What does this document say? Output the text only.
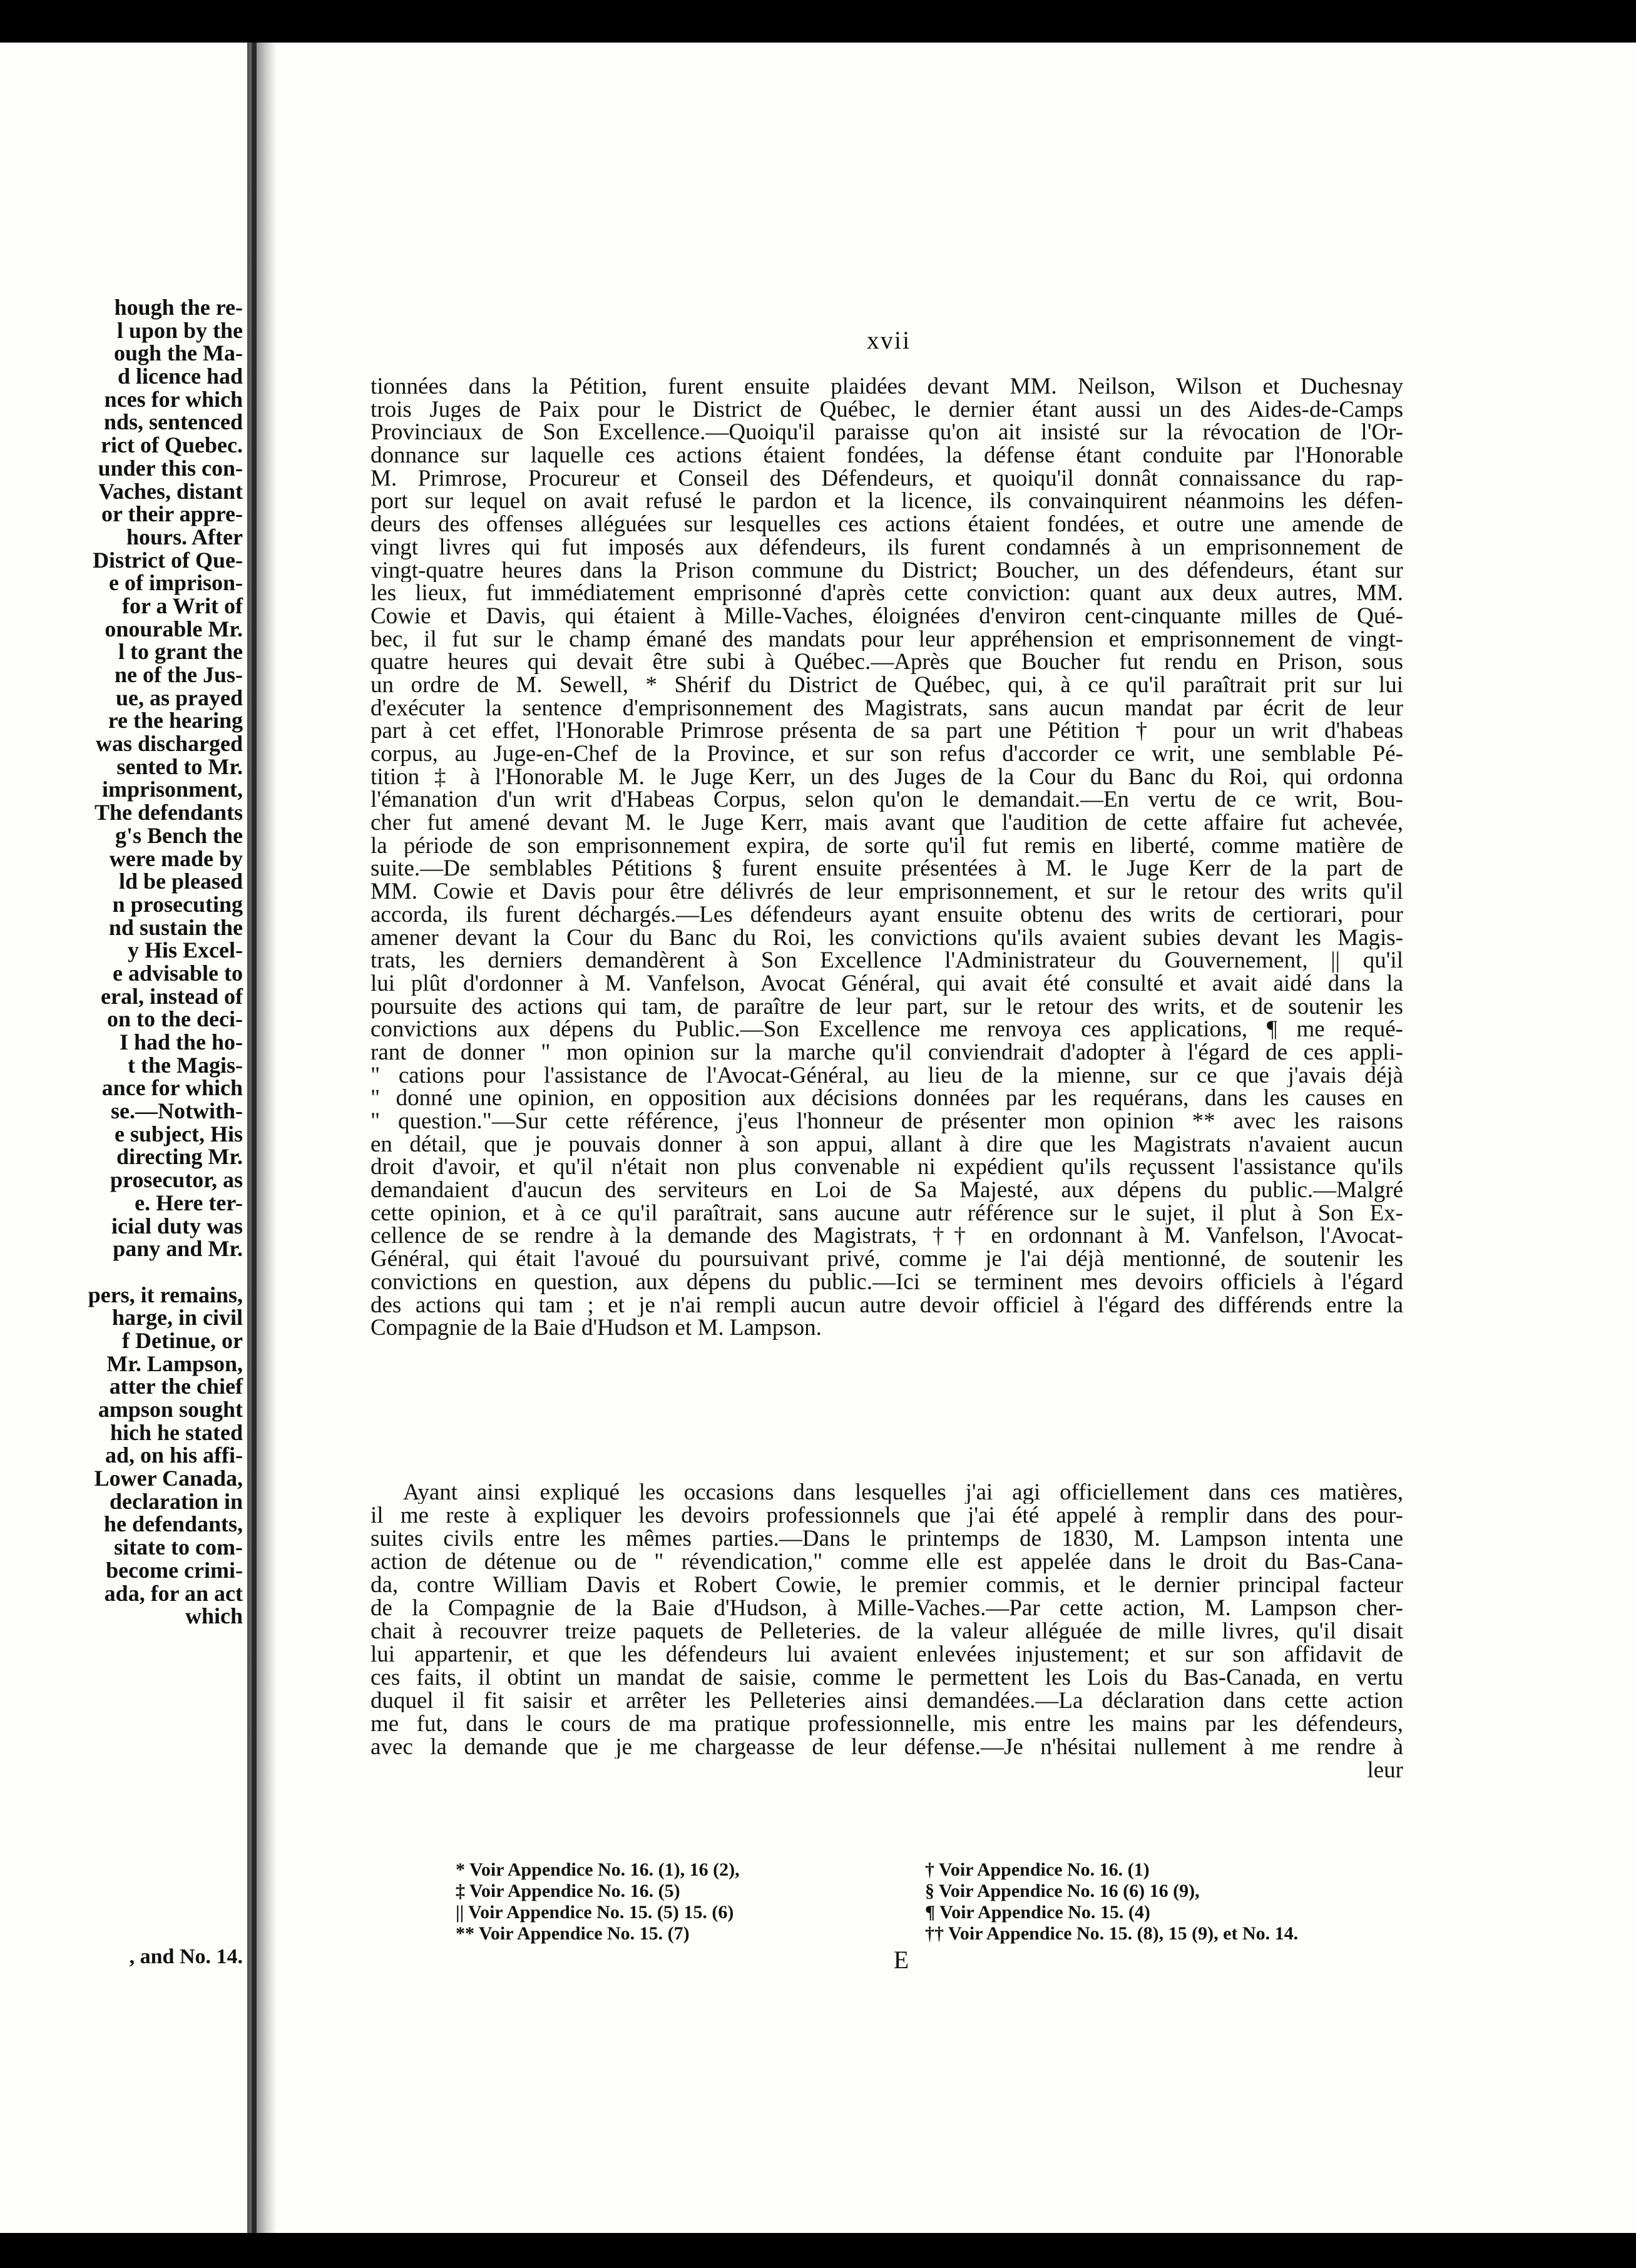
hough the re-
l upon by the
ough the Ma-
d licence had
nces for which
nds, sentenced
rict of Quebec.
under this con-
Vaches, distant
or their appre-
hours. After
District of Que-
e of imprison-
for a Writ of
onourable Mr.
l to grant the
ne of the Jus-
ue, as prayed
re the hearing
was discharged
sented to Mr.
imprisonment,
The defendants
g's Bench the
were made by
ld be pleased
n prosecuting
nd sustain the
y His Excel-
e advisable to
eral, instead of
on to the deci-
I had the ho-
t the Magis-
ance for which
se.—Notwith-
e subject, His
directing Mr.
prosecutor, as
e. Here ter-
icial duty was
pany and Mr.
pers, it remains,
harge, in civil
f Detinue, or
Mr. Lampson,
atter the chief
ampson sought
hich he stated
ad, on his affi-
Lower Canada,
declaration in
he defendants,
sitate to com-
become crimi-
ada, for an act
which
, and No. 14.
xvii
tionnées dans la Pétition, furent ensuite plaidées devant MM. Neilson, Wilson et Duchesnay
trois Juges de Paix pour le District de Québec, le dernier étant aussi un des Aides-de-Camps
Provinciaux de Son Excellence.—Quoiqu'il paraisse qu'on ait insisté sur la révocation de l'Or-
donnance sur laquelle ces actions étaient fondées, la défense étant conduite par l'Honorable
M. Primrose, Procureur et Conseil des Défendeurs, et quoiqu'il donnât connaissance du rap-
port sur lequel on avait refusé le pardon et la licence, ils convainquirent néanmoins les défen-
deurs des offenses alléguées sur lesquelles ces actions étaient fondées, et outre une amende de
vingt livres qui fut imposés aux défendeurs, ils furent condamnés à un emprisonnement de
vingt-quatre heures dans la Prison commune du District; Boucher, un des défendeurs, étant sur
les lieux, fut immédiatement emprisonné d'après cette conviction: quant aux deux autres, MM.
Cowie et Davis, qui étaient à Mille-Vaches, éloignées d'environ cent-cinquante milles de Qué-
bec, il fut sur le champ émané des mandats pour leur appréhension et emprisonnement de vingt-
quatre heures qui devait être subi à Québec.—Après que Boucher fut rendu en Prison, sous
un ordre de M. Sewell, * Shérif du District de Québec, qui, à ce qu'il paraîtrait prit sur lui
d'exécuter la sentence d'emprisonnement des Magistrats, sans aucun mandat par écrit de leur
part à cet effet, l'Honorable Primrose présenta de sa part une Pétition † pour un writ d'habeas
corpus, au Juge-en-Chef de la Province, et sur son refus d'accorder ce writ, une semblable Pé-
tition ‡ à l'Honorable M. le Juge Kerr, un des Juges de la Cour du Banc du Roi, qui ordonna
l'émanation d'un writ d'Habeas Corpus, selon qu'on le demandait.—En vertu de ce writ, Bou-
cher fut amené devant M. le Juge Kerr, mais avant que l'audition de cette affaire fut achevée,
la période de son emprisonnement expira, de sorte qu'il fut remis en liberté, comme matière de
suite.—De semblables Pétitions § furent ensuite présentées à M. le Juge Kerr de la part de
MM. Cowie et Davis pour être délivrés de leur emprisonnement, et sur le retour des writs qu'il
accorda, ils furent déchargés.—Les défendeurs ayant ensuite obtenu des writs de certiorari, pour
amener devant la Cour du Banc du Roi, les convictions qu'ils avaient subies devant les Magis-
trats, les derniers demandèrent à Son Excellence l'Administrateur du Gouvernement, || qu'il
lui plût d'ordonner à M. Vanfelson, Avocat Général, qui avait été consulté et avait aidé dans la
poursuite des actions qui tam, de paraître de leur part, sur le retour des writs, et de soutenir les
convictions aux dépens du Public.—Son Excellence me renvoya ces applications, ¶ me requé-
rant de donner " mon opinion sur la marche qu'il conviendrait d'adopter à l'égard de ces appli-
" cations pour l'assistance de l'Avocat-Général, au lieu de la mienne, sur ce que j'avais déjà
" donné une opinion, en opposition aux décisions données par les requérans, dans les causes en
" question."—Sur cette référence, j'eus l'honneur de présenter mon opinion ** avec les raisons
en détail, que je pouvais donner à son appui, allant à dire que les Magistrats n'avaient aucun
droit d'avoir, et qu'il n'était non plus convenable ni expédient qu'ils reçussent l'assistance qu'ils
demandaient d'aucun des serviteurs en Loi de Sa Majesté, aux dépens du public.—Malgré
cette opinion, et à ce qu'il paraîtrait, sans aucune autr référence sur le sujet, il plut à Son Ex-
cellence de se rendre à la demande des Magistrats, †† en ordonnant à M. Vanfelson, l'Avocat-
Général, qui était l'avoué du poursuivant privé, comme je l'ai déjà mentionné, de soutenir les
convictions en question, aux dépens du public.—Ici se terminent mes devoirs officiels à l'égard
des actions qui tam ; et je n'ai rempli aucun autre devoir officiel à l'égard des différends entre la
Compagnie de la Baie d'Hudson et M. Lampson.
Ayant ainsi expliqué les occasions dans lesquelles j'ai agi officiellement dans ces matières,
il me reste à expliquer les devoirs professionnels que j'ai été appelé à remplir dans des pour-
suites civils entre les mêmes parties.—Dans le printemps de 1830, M. Lampson intenta une
action de détenue ou de " révendication," comme elle est appelée dans le droit du Bas-Cana-
da, contre William Davis et Robert Cowie, le premier commis, et le dernier principal facteur
de la Compagnie de la Baie d'Hudson, à Mille-Vaches.—Par cette action, M. Lampson cher-
chait à recouvrer treize paquets de Pelleteries. de la valeur alléguée de mille livres, qu'il disait
lui appartenir, et que les défendeurs lui avaient enlevées injustement; et sur son affidavit de
ces faits, il obtint un mandat de saisie, comme le permettent les Lois du Bas-Canada, en vertu
duquel il fit saisir et arrêter les Pelleteries ainsi demandées.—La déclaration dans cette action
me fut, dans le cours de ma pratique professionnelle, mis entre les mains par les défendeurs,
avec la demande que je me chargeasse de leur défense.—Je n'hésitai nullement à me rendre à
leur
* Voir Appendice No. 16. (1), 16 (2),
‡ Voir Appendice No. 16. (5)
|| Voir Appendice No. 15. (5) 15. (6)
** Voir Appendice No. 15. (7)
† Voir Appendice No. 16. (1)
§ Voir Appendice No. 16 (6) 16 (9),
¶ Voir Appendice No. 15. (4)
†† Voir Appendice No. 15. (8), 15 (9), et No. 14.
E
